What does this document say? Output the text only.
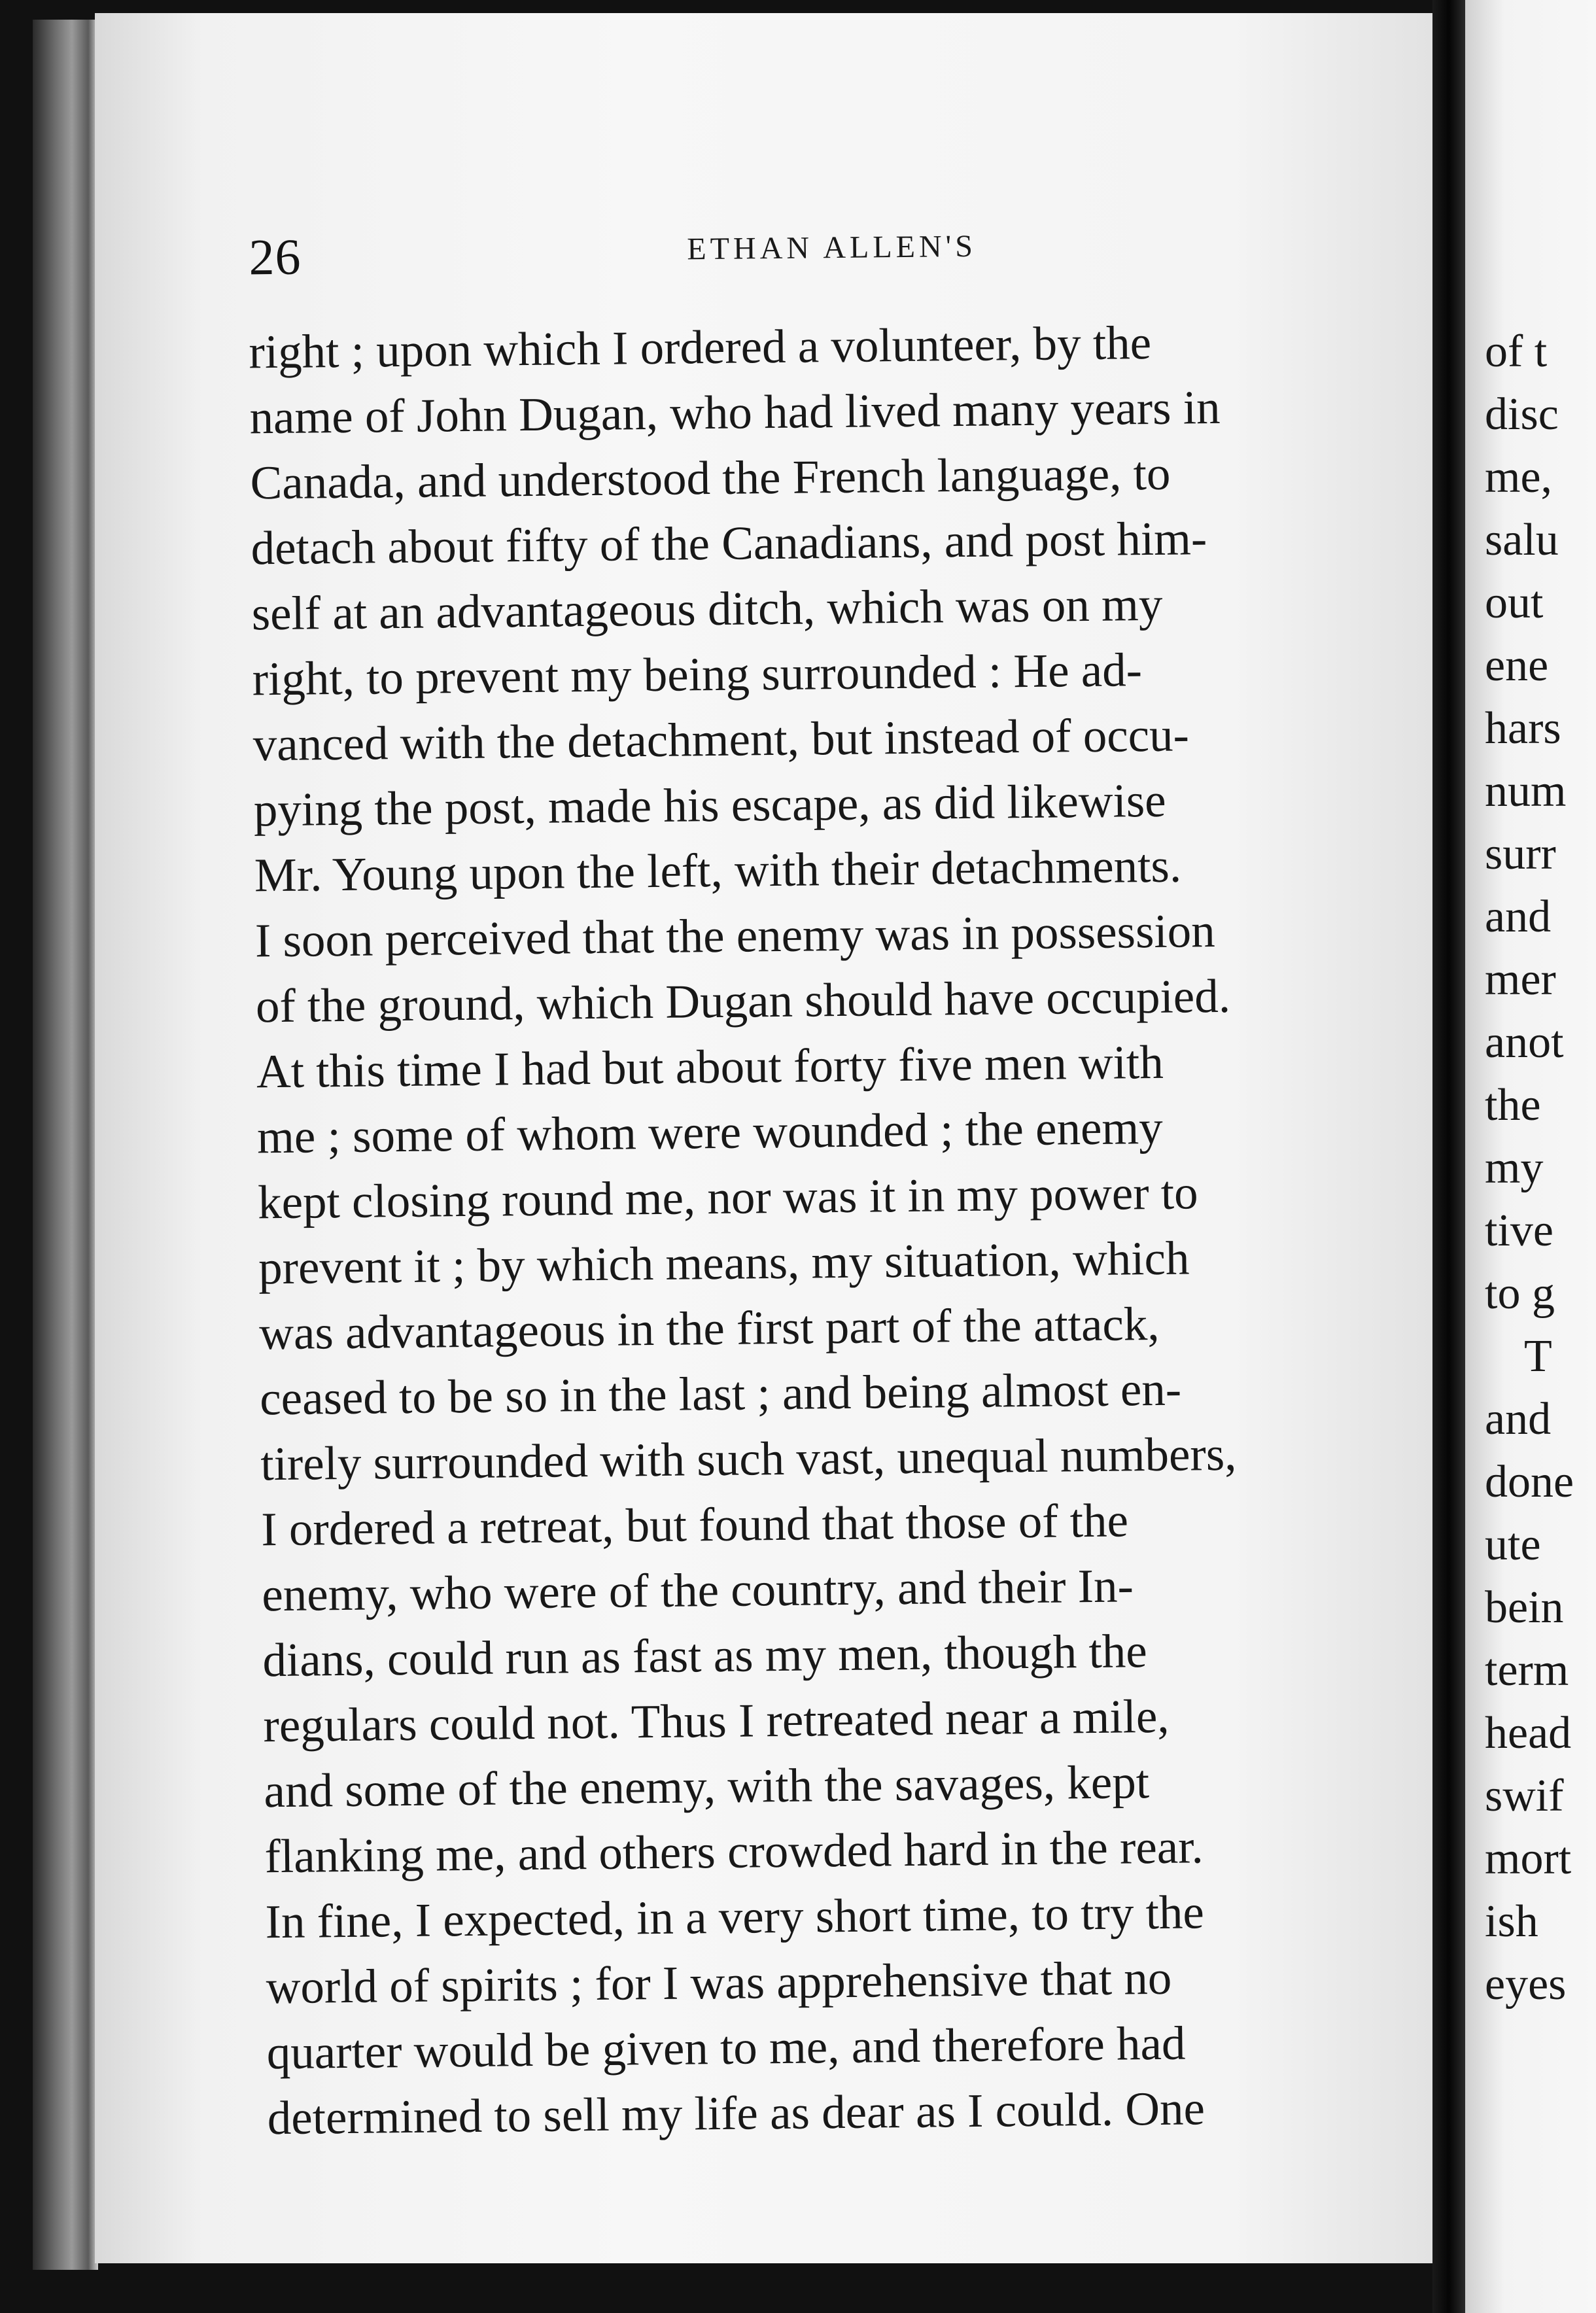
26	ETHAN ALLEN'S
right ; upon which I ordered a volunteer, by the
name of John Dugan, who had lived many years in
Canada, and understood the French language, to
detach about fifty of the Canadians, and post him-
self at an advantageous ditch, which was on my
right, to prevent my being surrounded : He ad-
vanced with the detachment, but instead of occu-
pying the post, made his escape, as did likewise
Mr. Young upon the left, with their detachments.
I soon perceived that the enemy was in possession
of the ground, which Dugan should have occupied.
At this time I had but about forty five men with
me ; some of whom were wounded ; the enemy
kept closing round me, nor was it in my power to
prevent it ; by which means, my situation, which
was advantageous in the first part of the attack,
ceased to be so in the last ; and being almost en-
tirely surrounded with such vast, unequal numbers,
I ordered a retreat, but found that those of the
enemy, who were of the country, and their In-
dians, could run as fast as my men, though the
regulars could not. Thus I retreated near a mile,
and some of the enemy, with the savages, kept
flanking me, and others crowded hard in the rear.
In fine, I expected, in a very short time, to try the
world of spirits ; for I was apprehensive that no
quarter would be given to me, and therefore had
determined to sell my life as dear as I could. One
of t
disc
me,
salu
out
ene
hars
num
surr
and
mer
anot
the
my
tive
to g
T
and
done
ute
bein
term
head
swif
mort
ish
eyes
